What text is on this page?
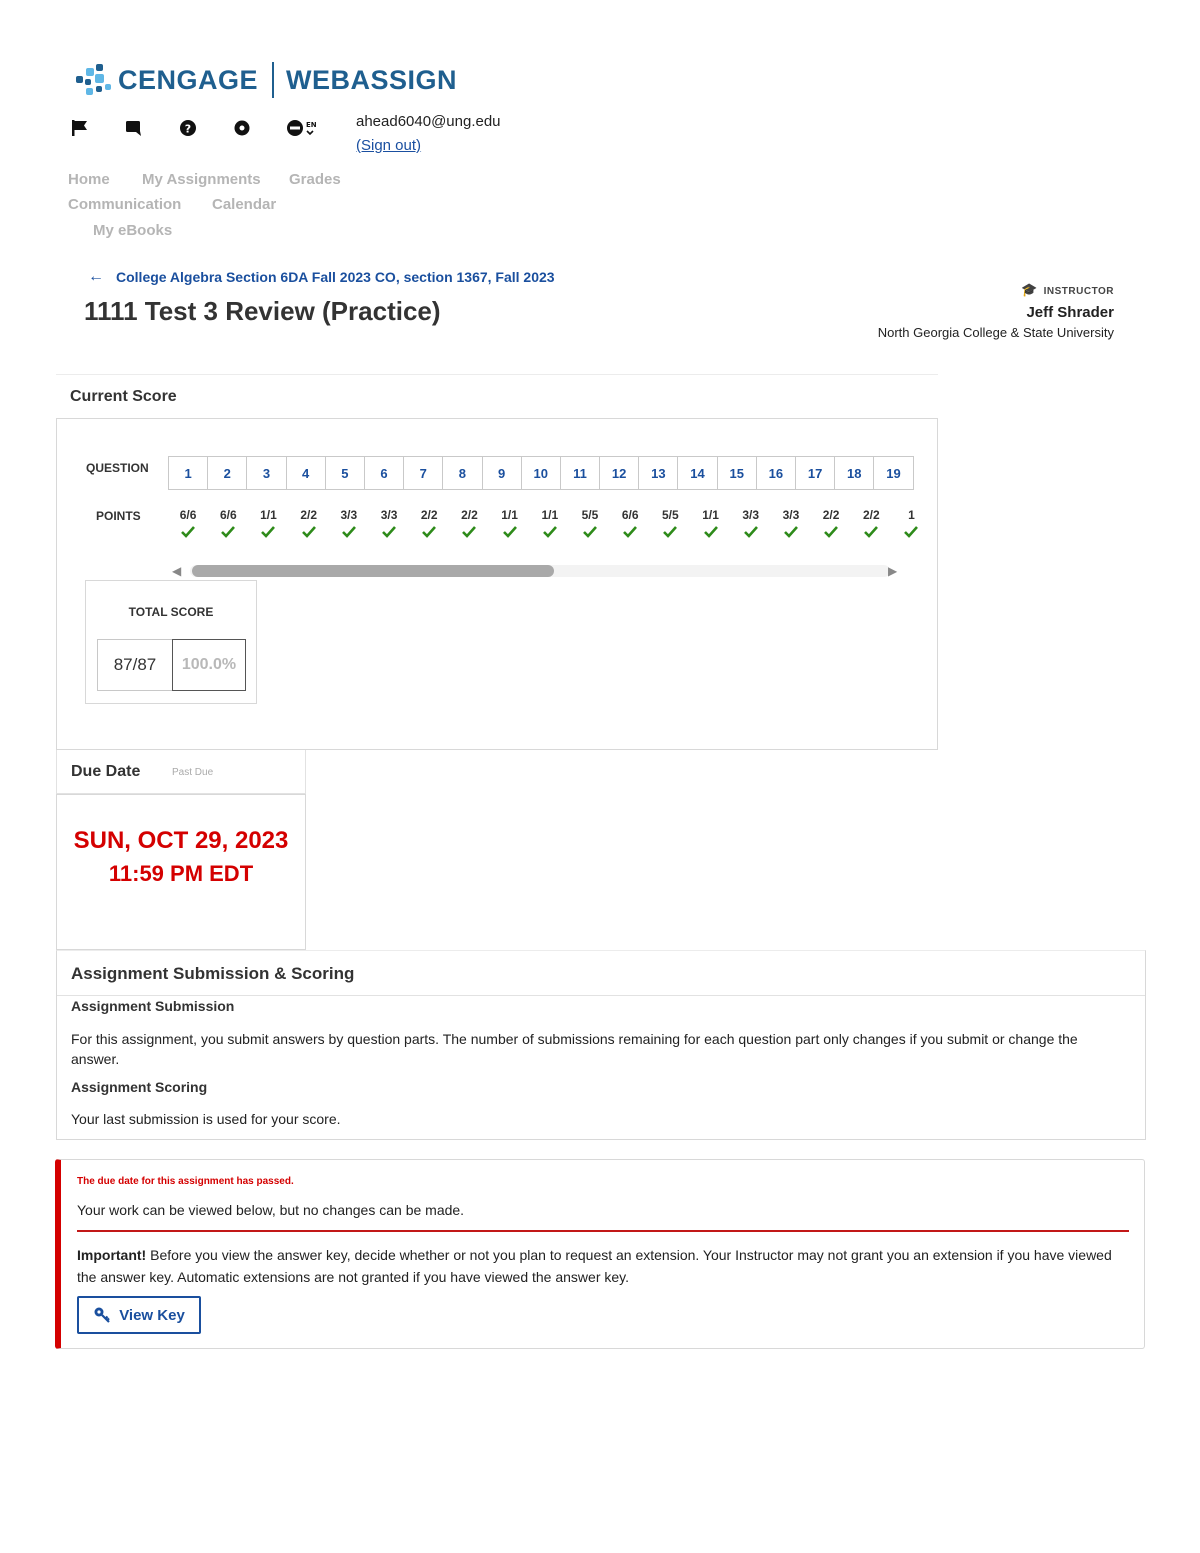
CENGAGE WEBASSIGN
?	EN	ahead6040@ung.edu
(Sign out)
Home My Assignments Grades
Communication Calendar
My eBooks
← College Algebra Section 6DA Fall 2023 CO, section 1367, Fall 2023
1111 Test 3 Review (Practice)
🎓 INSTRUCTOR
Jeff Shrader
North Georgia College & State University
Current Score
QUESTION
POINTS
1	2	3	4	5	6	7	8	9	10	11	12	13	14	15	16	17	18	19
6/6	6/6	1/1	2/2	3/3	3/3	2/2	2/2	1/1	1/1	5/5	6/6	5/5	1/1	3/3	3/3	2/2	2/2	1
◀	▶
TOTAL SCORE
87/87	100.0%
Due Date	Past Due
SUN, OCT 29, 2023
11:59 PM EDT
Assignment Submission & Scoring
Assignment Submission
For this assignment, you submit answers by question parts. The number of submissions remaining for each question part only changes if you submit or change the answer.
Assignment Scoring
Your last submission is used for your score.
The due date for this assignment has passed.
Your work can be viewed below, but no changes can be made.
Important! Before you view the answer key, decide whether or not you plan to request an extension. Your Instructor may not grant you an extension if you have viewed the answer key. Automatic extensions are not granted if you have viewed the answer key.
View Key
